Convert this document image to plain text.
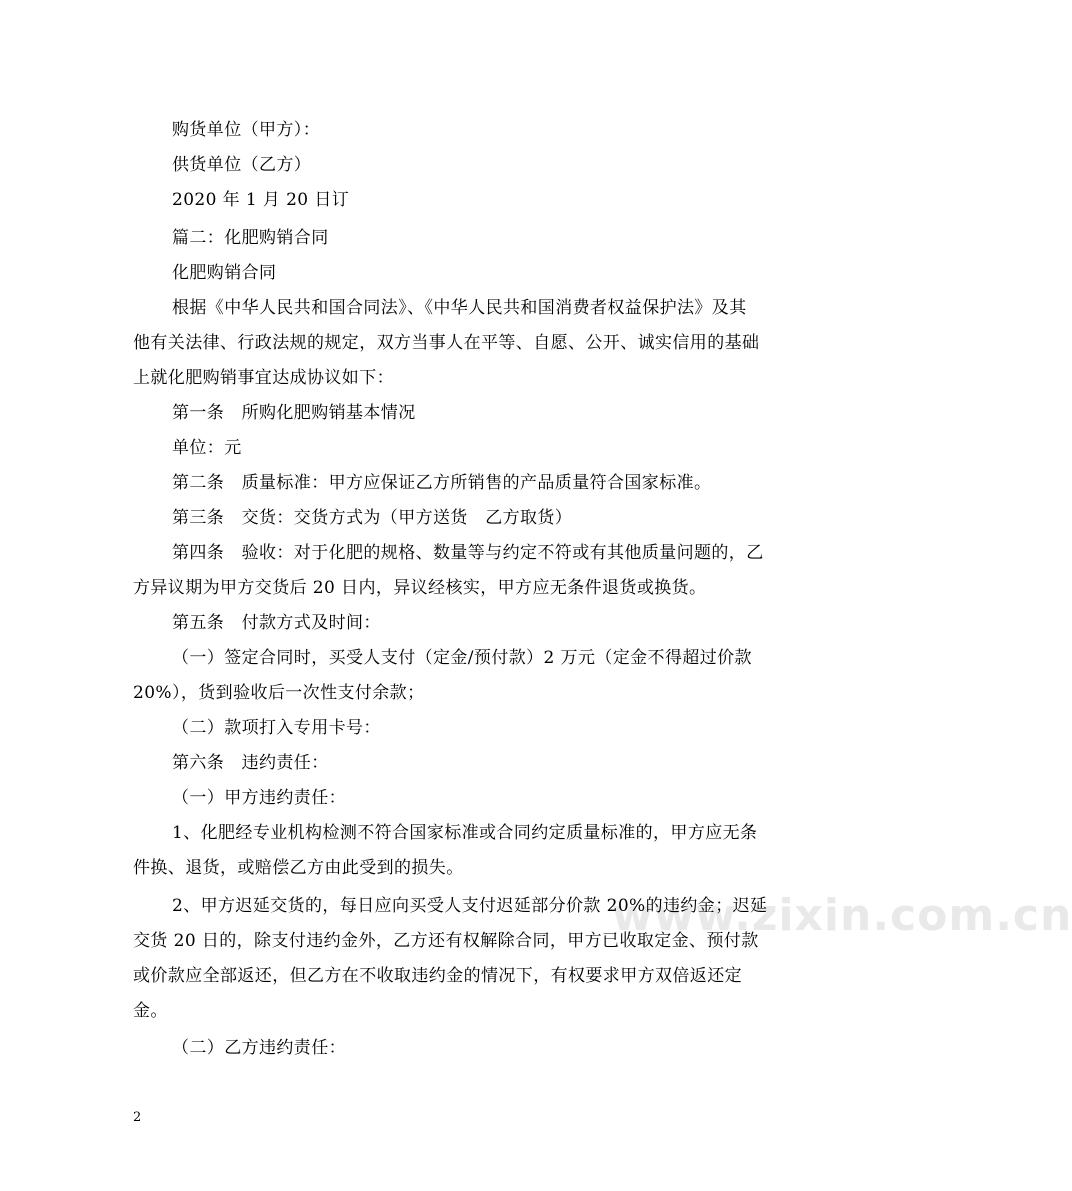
www.zixin.com.cn
购货单位（甲方）：
供货单位（乙方）
2020 年 1 月 20 日订
篇二：化肥购销合同
化肥购销合同
根据《中华人民共和国合同法》、《中华人民共和国消费者权益保护法》及其
他有关法律、行政法规的规定，双方当事人在平等、自愿、公开、诚实信用的基础
上就化肥购销事宜达成协议如下：
第一条　所购化肥购销基本情况
单位：元
第二条　质量标准：甲方应保证乙方所销售的产品质量符合国家标准。
第三条　交货：交货方式为（甲方送货　乙方取货）
第四条　验收：对于化肥的规格、数量等与约定不符或有其他质量问题的，乙
方异议期为甲方交货后 20 日内，异议经核实，甲方应无条件退货或换货。
第五条　付款方式及时间：
（一）签定合同时，买受人支付（定金/预付款）2 万元（定金不得超过价款
20%），货到验收后一次性支付余款；
（二）款项打入专用卡号：
第六条　违约责任：
（一）甲方违约责任：
1、化肥经专业机构检测不符合国家标准或合同约定质量标准的，甲方应无条
件换、退货，或赔偿乙方由此受到的损失。
2、甲方迟延交货的，每日应向买受人支付迟延部分价款 20%的违约金；迟延
交货 20 日的，除支付违约金外，乙方还有权解除合同，甲方已收取定金、预付款
或价款应全部返还，但乙方在不收取违约金的情况下，有权要求甲方双倍返还定
金。
（二）乙方违约责任：
2
